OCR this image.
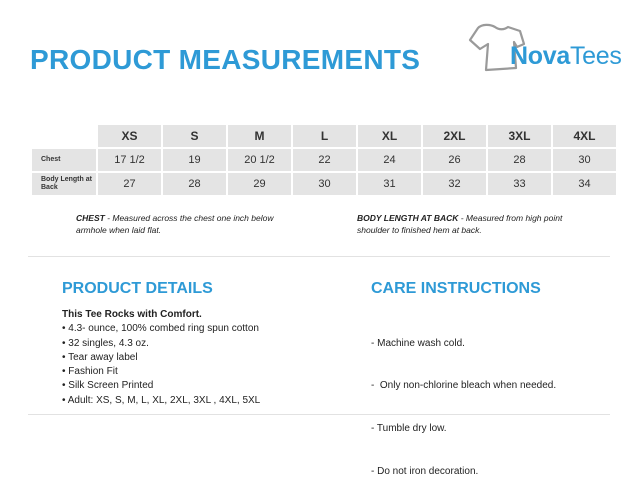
PRODUCT MEASUREMENTS	NovaTees
	XS	S	M	L	XL	2XL	3XL	4XL
Chest	17 1/2	19	20 1/2	22	24	26	28	30
Body Length at Back	27	28	29	30	31	32	33	34
CHEST - Measured across the chest one inch below armhole when laid flat.
BODY LENGTH AT BACK - Measured from high point shoulder to finished hem at back.
PRODUCT DETAILS
This Tee Rocks with Comfort.
• 4.3- ounce, 100% combed ring spun cotton
• 32 singles, 4.3 oz.
• Tear away label
• Fashion Fit
• Silk Screen Printed
• Adult: XS, S, M, L, XL, 2XL, 3XL , 4XL, 5XL
CARE INSTRUCTIONS

- Machine wash cold.

-  Only non-chlorine bleach when needed.

- Tumble dry low.

- Do not iron decoration.
